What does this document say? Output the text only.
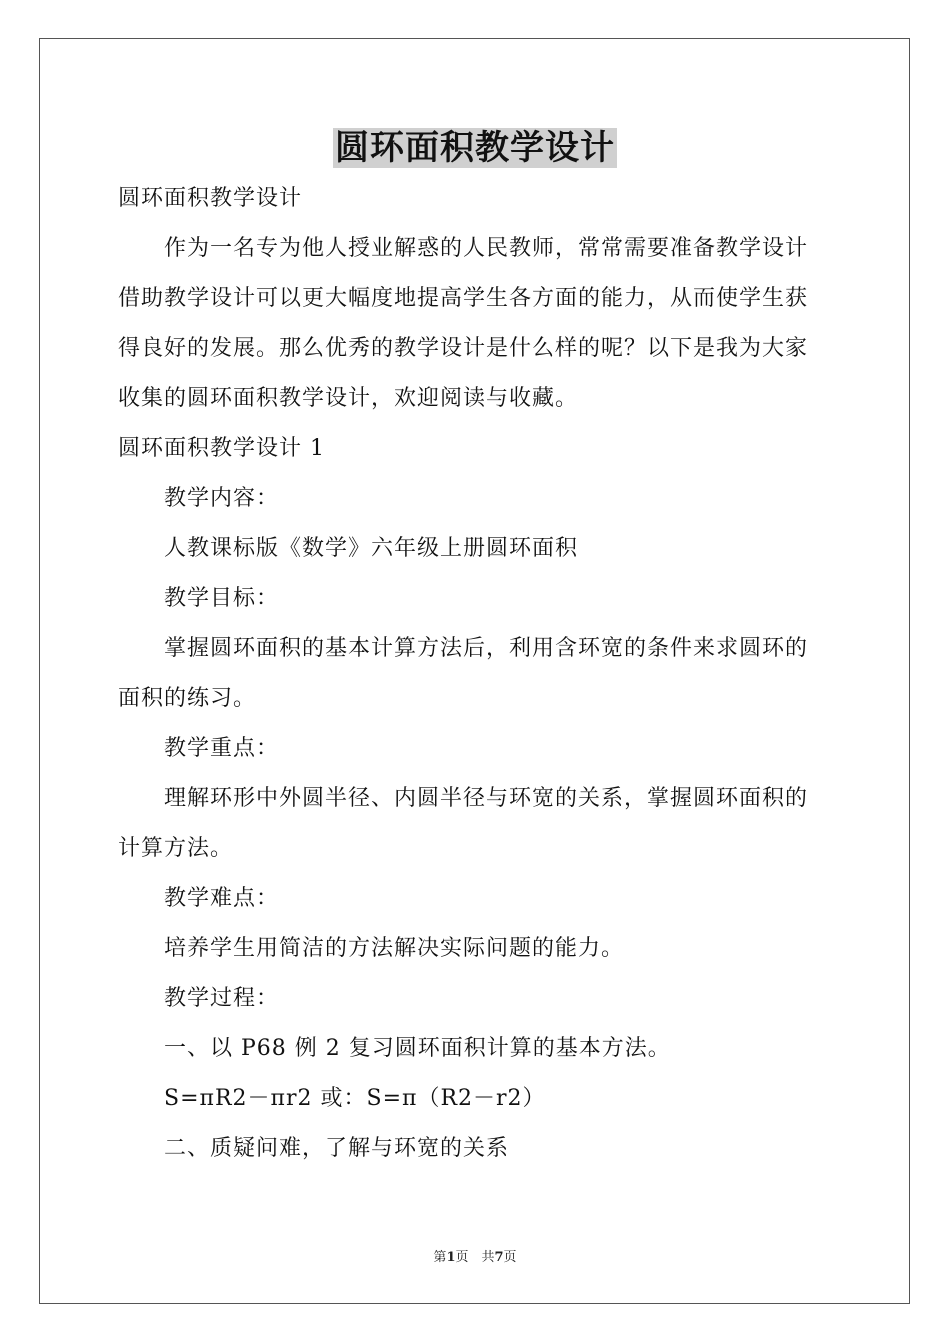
圆环面积教学设计
圆环面积教学设计
作为一名专为他人授业解惑的人民教师，常常需要准备教学设计
借助教学设计可以更大幅度地提高学生各方面的能力，从而使学生获
得良好的发展。那么优秀的教学设计是什么样的呢？以下是我为大家
收集的圆环面积教学设计，欢迎阅读与收藏。
圆环面积教学设计 1
教学内容：
人教课标版《数学》六年级上册圆环面积
教学目标：
掌握圆环面积的基本计算方法后，利用含环宽的条件来求圆环的
面积的练习。
教学重点：
理解环形中外圆半径、内圆半径与环宽的关系，掌握圆环面积的
计算方法。
教学难点：
培养学生用简洁的方法解决实际问题的能力。
教学过程：
一、以 P68 例 2 复习圆环面积计算的基本方法。
S=πR2－πr2 或：S=π（R2－r2）
二、质疑问难，了解与环宽的关系
第1页　共7页
